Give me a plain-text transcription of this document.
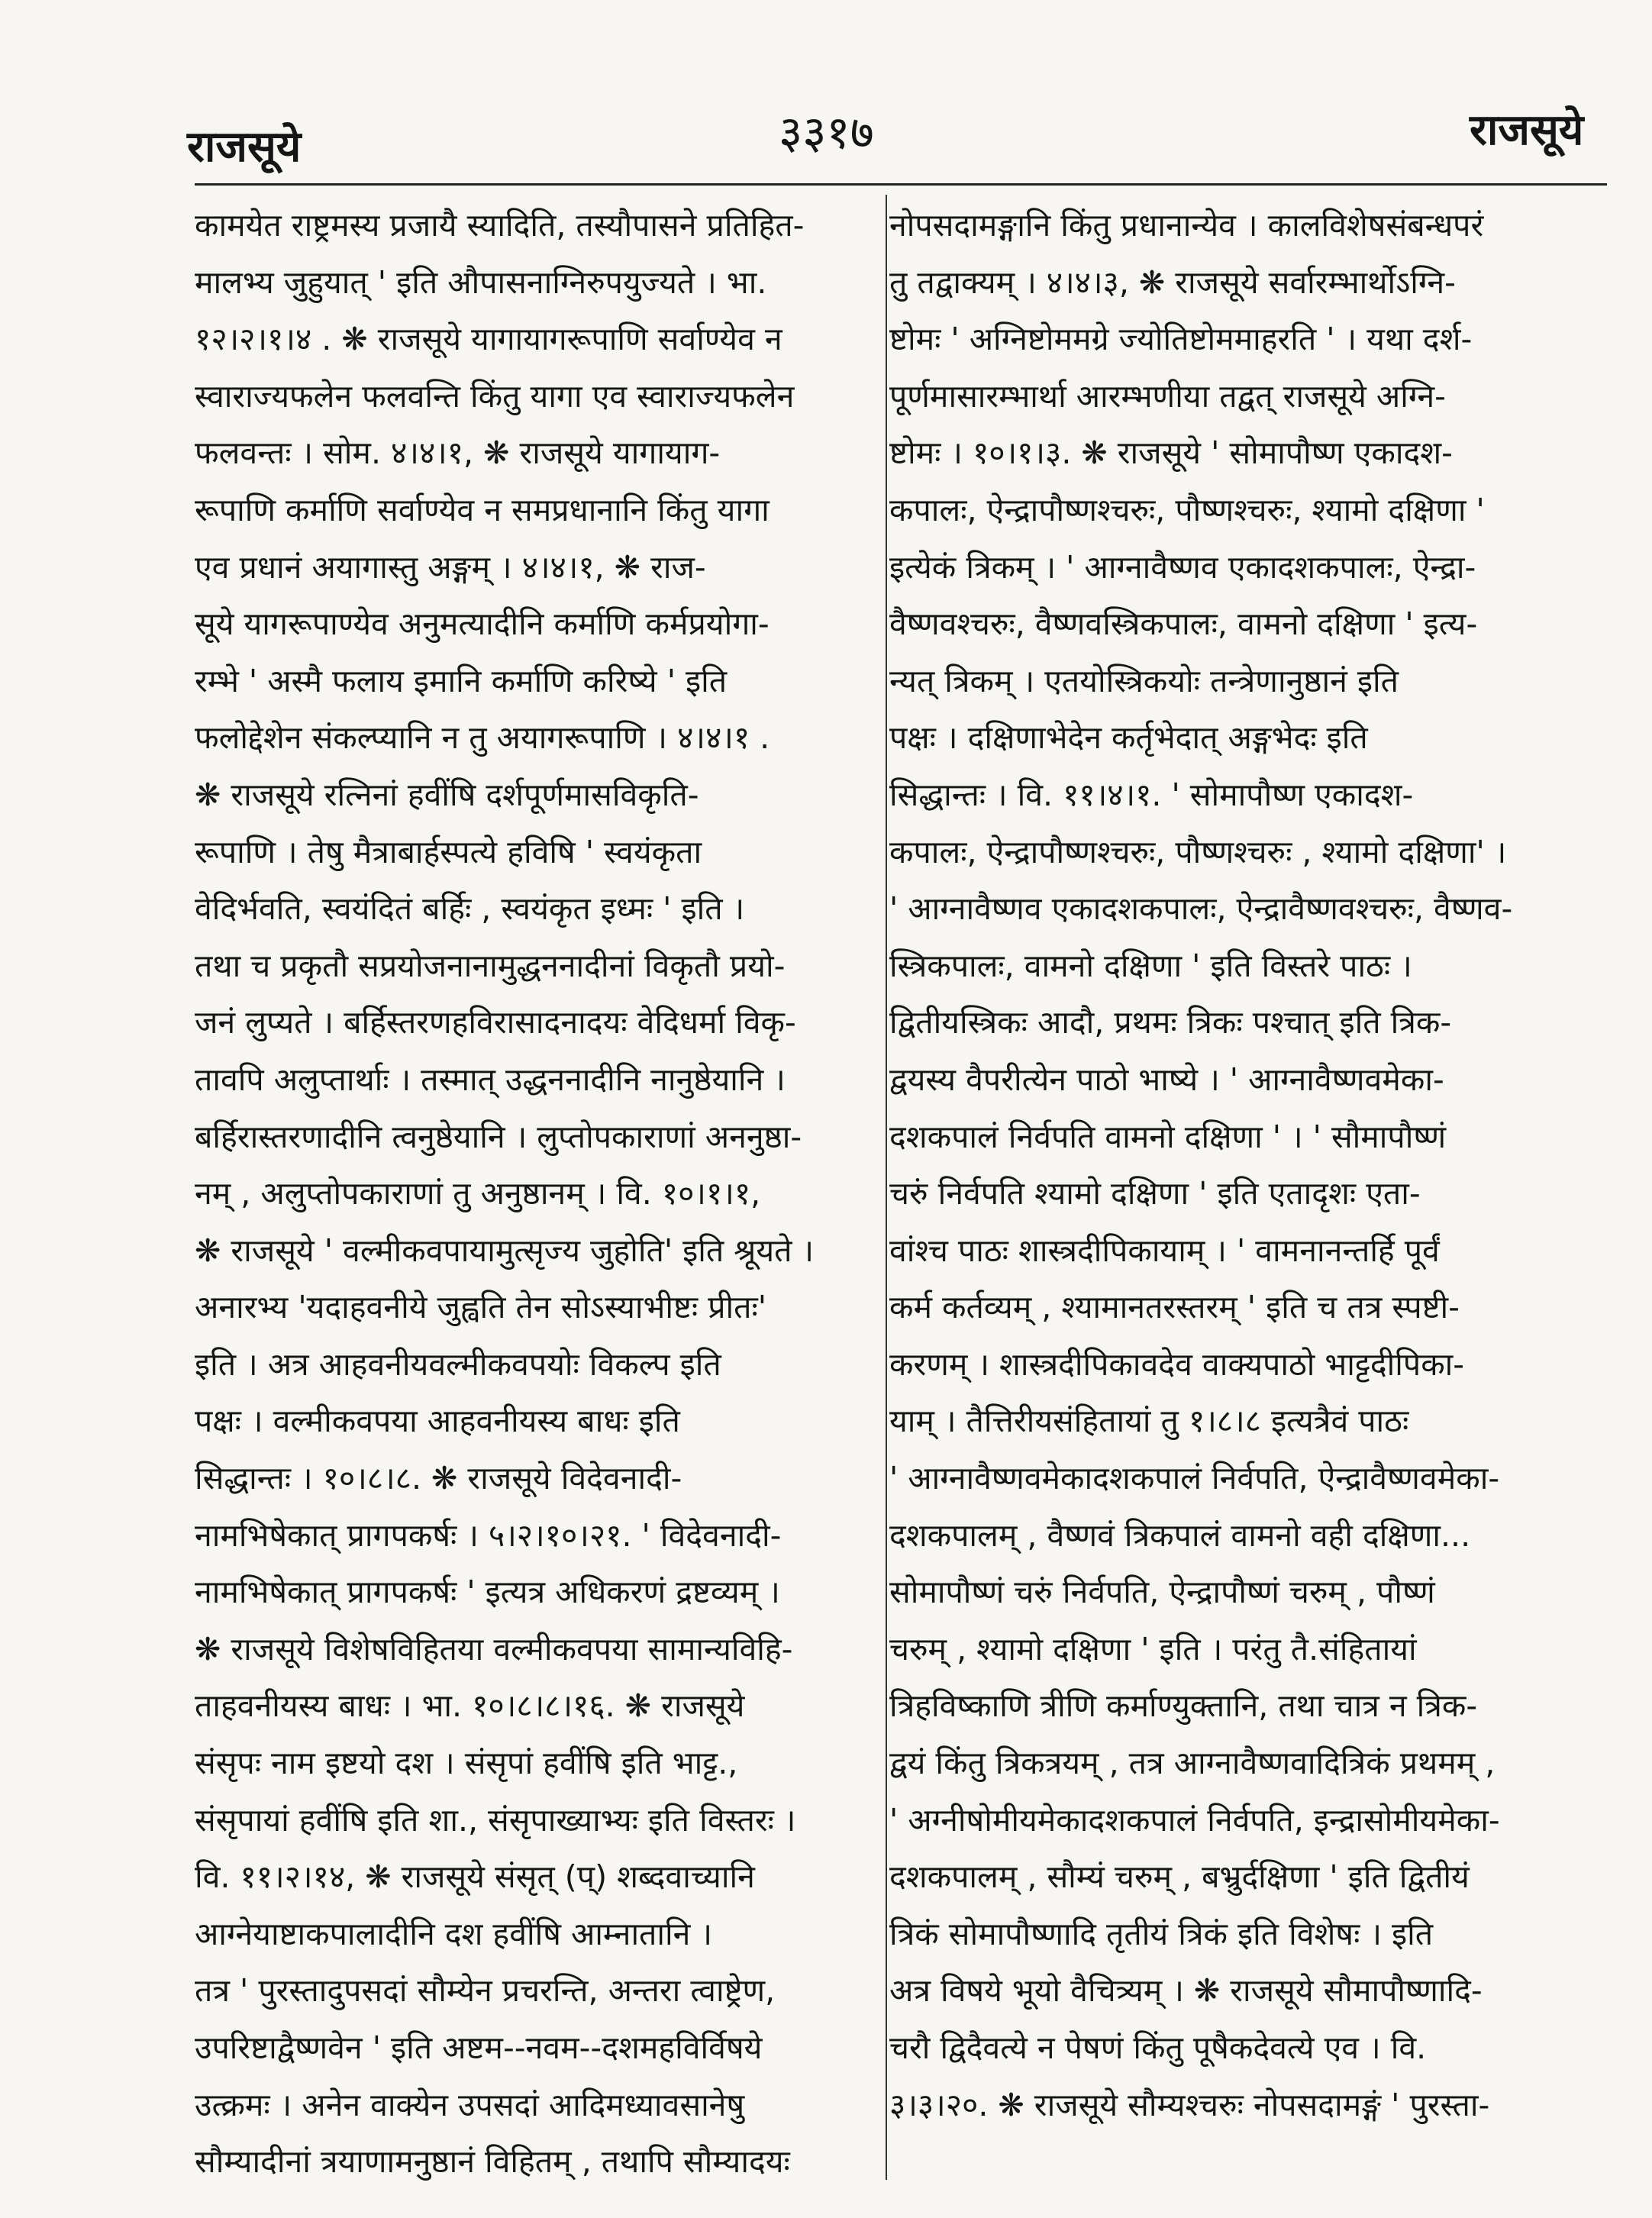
राजसूये	३३१७	राजसूये

कामयेत राष्ट्रमस्य प्रजायै स्यादिति, तस्यौपासने प्रतिहित-

मालभ्य जुहुयात् ' इति औपासनाग्निरुपयुज्यते । भा.

१२।२।१।४ . ❋ राजसूये यागायागरूपाणि सर्वाण्येव न

स्वाराज्यफलेन फलवन्ति किंतु यागा एव स्वाराज्यफलेन

फलवन्तः । सोम. ४।४।१, ❋ राजसूये यागायाग-

रूपाणि कर्माणि सर्वाण्येव न समप्रधानानि किंतु यागा

एव प्रधानं अयागास्तु अङ्गम् । ४।४।१, ❋ राज-

सूये यागरूपाण्येव अनुमत्यादीनि कर्माणि कर्मप्रयोगा-

रम्भे ' अस्मै फलाय इमानि कर्माणि करिष्ये ' इति

फलोद्देशेन संकल्प्यानि न तु अयागरूपाणि । ४।४।१ .

❋ राजसूये रत्निनां हवींषि दर्शपूर्णमासविकृति-

रूपाणि । तेषु मैत्राबार्हस्पत्ये हविषि ' स्वयंकृता

वेदिर्भवति, स्वयंदितं बर्हिः , स्वयंकृत इध्मः ' इति ।

तथा च प्रकृतौ सप्रयोजनानामुद्धननादीनां विकृतौ प्रयो-

जनं लुप्यते । बर्हिस्तरणहविरासादनादयः वेदिधर्मा विकृ-

तावपि अलुप्तार्थाः । तस्मात् उद्धननादीनि नानुष्ठेयानि ।

बर्हिरास्तरणादीनि त्वनुष्ठेयानि । लुप्तोपकाराणां अननुष्ठा-

नम् , अलुप्तोपकाराणां तु अनुष्ठानम् । वि. १०।१।१,

❋ राजसूये ' वल्मीकवपायामुत्सृज्य जुहोति' इति श्रूयते ।

अनारभ्य 'यदाहवनीये जुह्वति तेन सोऽस्याभीष्टः प्रीतः'

इति । अत्र आहवनीयवल्मीकवपयोः विकल्प इति

पक्षः । वल्मीकवपया आहवनीयस्य बाधः इति

सिद्धान्तः । १०।८।८. ❋ राजसूये विदेवनादी-

नामभिषेकात् प्रागपकर्षः । ५।२।१०।२१. ' विदेवनादी-

नामभिषेकात् प्रागपकर्षः ' इत्यत्र अधिकरणं द्रष्टव्यम् ।

❋ राजसूये विशेषविहितया वल्मीकवपया सामान्यविहि-

ताहवनीयस्य बाधः । भा. १०।८।८।१६. ❋ राजसूये

संसृपः नाम इष्टयो दश । संसृपां हवींषि इति भाट्ट.,

संसृपायां हवींषि इति शा., संसृपाख्याभ्यः इति विस्तरः ।

वि. ११।२।१४, ❋ राजसूये संसृत् (प्) शब्दवाच्यानि

आग्नेयाष्टाकपालादीनि दश हवींषि आम्नातानि ।

तत्र ' पुरस्तादुपसदां सौम्येन प्रचरन्ति, अन्तरा त्वाष्ट्रेण,

उपरिष्टाद्वैष्णवेन ' इति अष्टम--नवम--दशमहविर्विषये

उत्क्रमः । अनेन वाक्येन उपसदां आदिमध्यावसानेषु

सौम्यादीनां त्रयाणामनुष्ठानं विहितम् , तथापि सौम्यादयः

नोपसदामङ्गानि किंतु प्रधानान्येव । कालविशेषसंबन्धपरं

तु तद्वाक्यम् । ४।४।३, ❋ राजसूये सर्वारम्भार्थोऽग्नि-

ष्टोमः ' अग्निष्टोममग्रे ज्योतिष्टोममाहरति ' । यथा दर्श-

पूर्णमासारम्भार्था आरम्भणीया तद्वत् राजसूये अग्नि-

ष्टोमः । १०।१।३. ❋ राजसूये ' सोमापौष्ण एकादश-

कपालः, ऐन्द्रापौष्णश्चरुः, पौष्णश्चरुः, श्यामो दक्षिणा '

इत्येकं त्रिकम् । ' आग्नावैष्णव एकादशकपालः, ऐन्द्रा-

वैष्णवश्चरुः, वैष्णवस्त्रिकपालः, वामनो दक्षिणा ' इत्य-

न्यत् त्रिकम् । एतयोस्त्रिकयोः तन्त्रेणानुष्ठानं इति

पक्षः । दक्षिणाभेदेन कर्तृभेदात् अङ्गभेदः इति

सिद्धान्तः । वि. ११।४।१. ' सोमापौष्ण एकादश-

कपालः, ऐन्द्रापौष्णश्चरुः, पौष्णश्चरुः , श्यामो दक्षिणा' ।

' आग्नावैष्णव एकादशकपालः, ऐन्द्रावैष्णवश्चरुः, वैष्णव-

स्त्रिकपालः, वामनो दक्षिणा ' इति विस्तरे पाठः ।

द्वितीयस्त्रिकः आदौ, प्रथमः त्रिकः पश्चात् इति त्रिक-

द्वयस्य वैपरीत्येन पाठो भाष्ये । ' आग्नावैष्णवमेका-

दशकपालं निर्वपति वामनो दक्षिणा ' । ' सौमापौष्णं

चरुं निर्वपति श्यामो दक्षिणा ' इति एतादृशः एता-

वांश्च पाठः शास्त्रदीपिकायाम् । ' वामनानन्तर्हि पूर्वं

कर्म कर्तव्यम् , श्यामानतरस्तरम् ' इति च तत्र स्पष्टी-

करणम् । शास्त्रदीपिकावदेव वाक्यपाठो भाट्टदीपिका-

याम् । तैत्तिरीयसंहितायां तु १।८।८ इत्यत्रैवं पाठः

' आग्नावैष्णवमेकादशकपालं निर्वपति, ऐन्द्रावैष्णवमेका-

दशकपालम् , वैष्णवं त्रिकपालं वामनो वही दक्षिणा...

सोमापौष्णं चरुं निर्वपति, ऐन्द्रापौष्णं चरुम् , पौष्णं

चरुम् , श्यामो दक्षिणा ' इति । परंतु तै.संहितायां

त्रिहविष्काणि त्रीणि कर्माण्युक्तानि, तथा चात्र न त्रिक-

द्वयं किंतु त्रिकत्रयम् , तत्र आग्नावैष्णवादित्रिकं प्रथमम् ,

' अग्नीषोमीयमेकादशकपालं निर्वपति, इन्द्रासोमीयमेका-

दशकपालम् , सौम्यं चरुम् , बभ्रुर्दक्षिणा ' इति द्वितीयं

त्रिकं सोमापौष्णादि तृतीयं त्रिकं इति विशेषः । इति

अत्र विषये भूयो वैचित्र्यम् । ❋ राजसूये सौमापौष्णादि-

चरौ द्विदैवत्ये न पेषणं किंतु पूषैकदेवत्ये एव । वि.

३।३।२०. ❋ राजसूये सौम्यश्चरुः नोपसदामङ्गं ' पुरस्ता-
